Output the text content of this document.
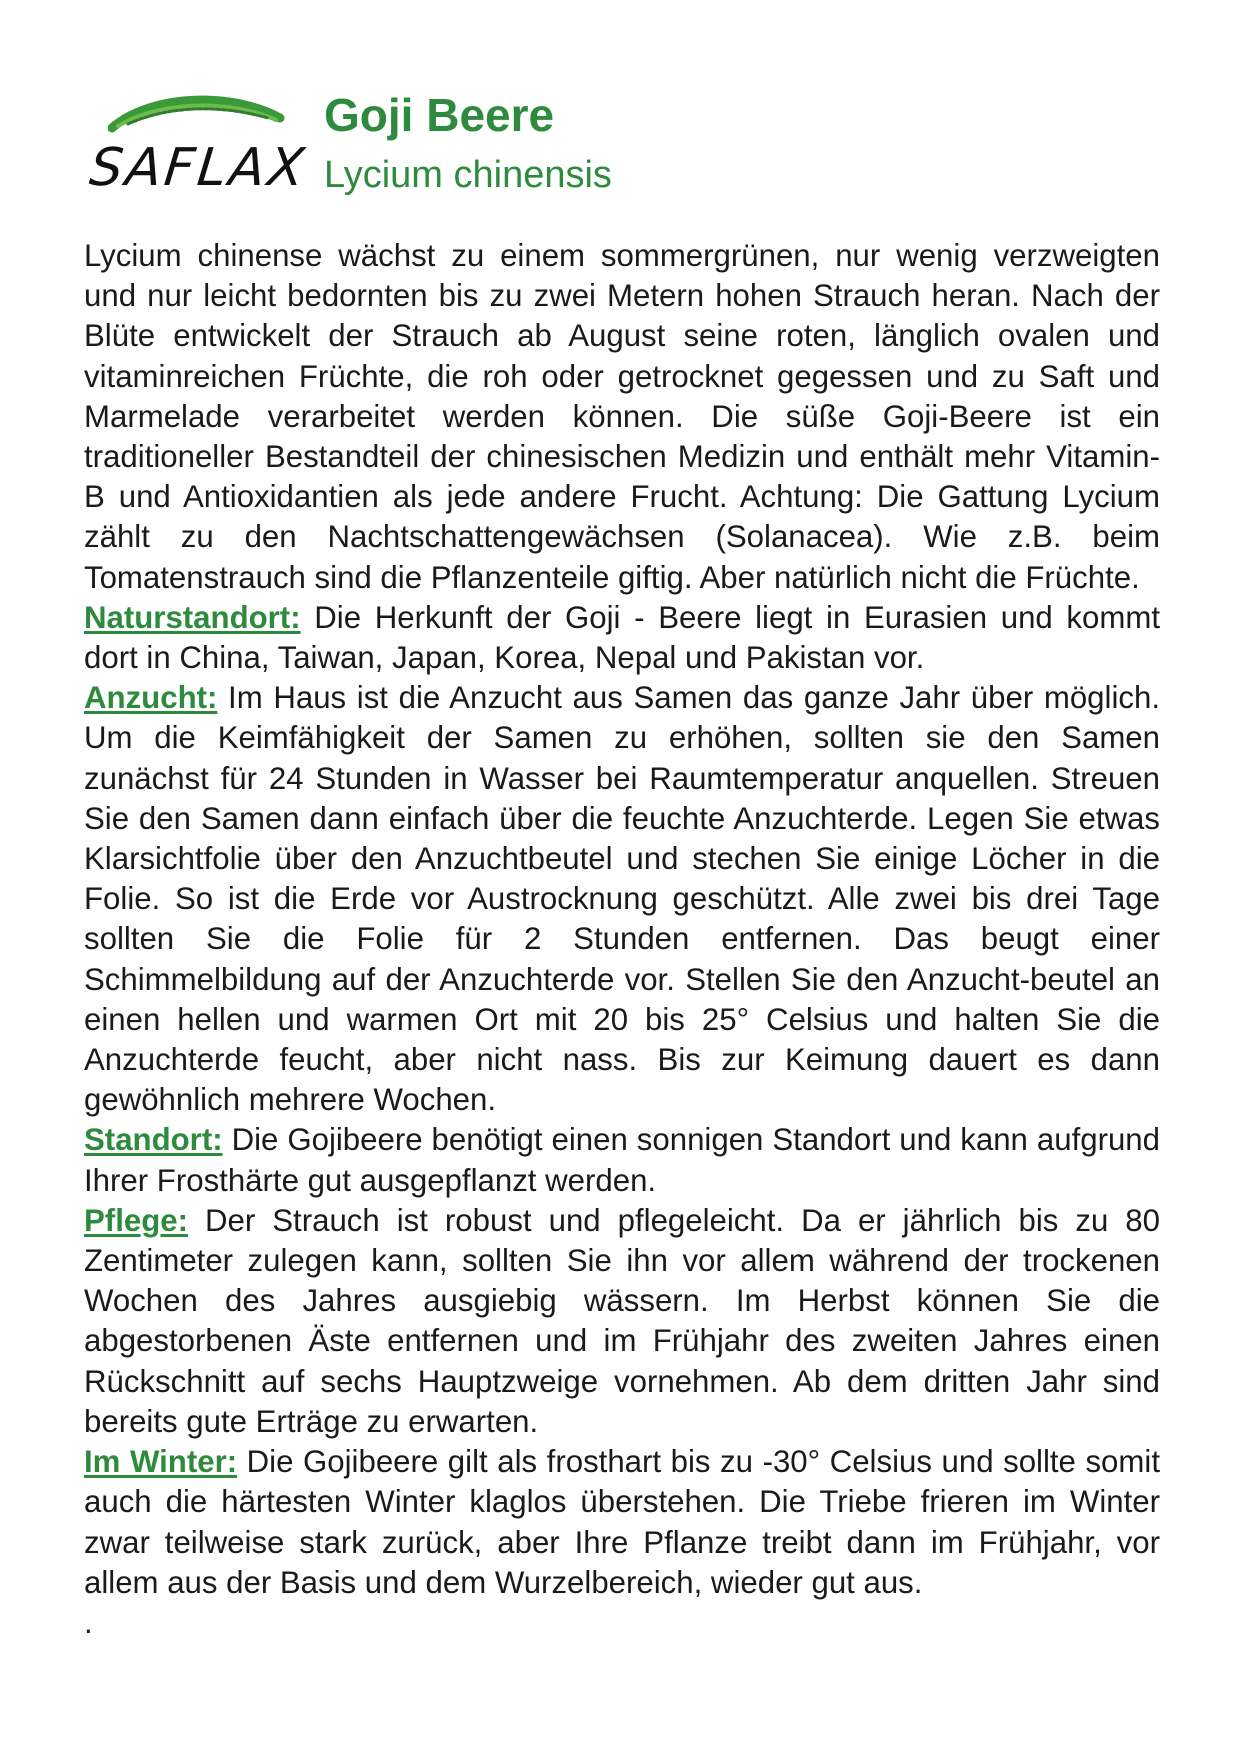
SAFLAX
Goji Beere
Lycium chinensis

Lycium chinense wächst zu einem sommergrünen, nur wenig verzweigten und nur leicht bedornten bis zu zwei Metern hohen Strauch heran. Nach der Blüte entwickelt der Strauch ab August seine roten, länglich ovalen und vitaminreichen Früchte, die roh oder getrocknet gegessen und zu Saft und Marmelade verarbeitet werden können. Die süße Goji-Beere ist ein traditioneller Bestandteil der chinesischen Medizin und enthält mehr Vitamin-B und Antioxidantien als jede andere Frucht. Achtung: Die Gattung Lycium zählt zu den Nachtschattengewächsen (Solanacea). Wie z.B. beim Tomatenstrauch sind die Pflanzenteile giftig. Aber natürlich nicht die Früchte.

Naturstandort: Die Herkunft der Goji - Beere liegt in Eurasien und kommt dort in China, Taiwan, Japan, Korea, Nepal und Pakistan vor.

Anzucht: Im Haus ist die Anzucht aus Samen das ganze Jahr über möglich. Um die Keimfähigkeit der Samen zu erhöhen, sollten sie den Samen zunächst für 24 Stunden in Wasser bei Raumtemperatur anquellen. Streuen Sie den Samen dann einfach über die feuchte Anzuchterde. Legen Sie etwas Klarsichtfolie über den Anzuchtbeutel und stechen Sie einige Löcher in die Folie. So ist die Erde vor Austrocknung geschützt. Alle zwei bis drei Tage sollten Sie die Folie für 2 Stunden entfernen. Das beugt einer Schimmelbildung auf der Anzuchterde vor. Stellen Sie den Anzucht-beutel an einen hellen und warmen Ort mit 20 bis 25° Celsius und halten Sie die Anzuchterde feucht, aber nicht nass. Bis zur Keimung dauert es dann gewöhnlich mehrere Wochen.

Standort: Die Gojibeere benötigt einen sonnigen Standort und kann aufgrund Ihrer Frosthärte gut ausgepflanzt werden.

Pflege: Der Strauch ist robust und pflegeleicht. Da er jährlich bis zu 80 Zentimeter zulegen kann, sollten Sie ihn vor allem während der trockenen Wochen des Jahres ausgiebig wässern. Im Herbst können Sie die abgestorbenen Äste entfernen und im Frühjahr des zweiten Jahres einen Rückschnitt auf sechs Hauptzweige vornehmen. Ab dem dritten Jahr sind bereits gute Erträge zu erwarten.

Im Winter: Die Gojibeere gilt als frosthart bis zu -30° Celsius und sollte somit auch die härtesten Winter klaglos überstehen. Die Triebe frieren im Winter zwar teilweise stark zurück, aber Ihre Pflanze treibt dann im Frühjahr, vor allem aus der Basis und dem Wurzelbereich, wieder gut aus.

.
